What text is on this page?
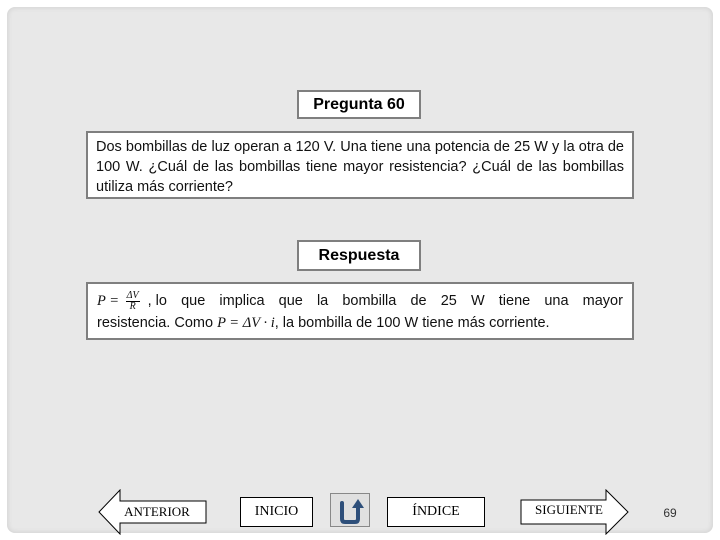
Pregunta 60
Dos bombillas de luz operan a 120 V. Una tiene una potencia de 25 W y la otra de 100 W. ¿Cuál de las bombillas tiene mayor resistencia? ¿Cuál de las bombillas utiliza más corriente?
Respuesta
$P = \frac{\Delta V}{R}$ , lo que implica que la bombilla de 25 W tiene una mayor
resistencia. Como P = ΔV · i, la bombilla de 100 W tiene más corriente.
ANTERIOR	INICIO	ÍNDICE	SIGUIENTE	69
